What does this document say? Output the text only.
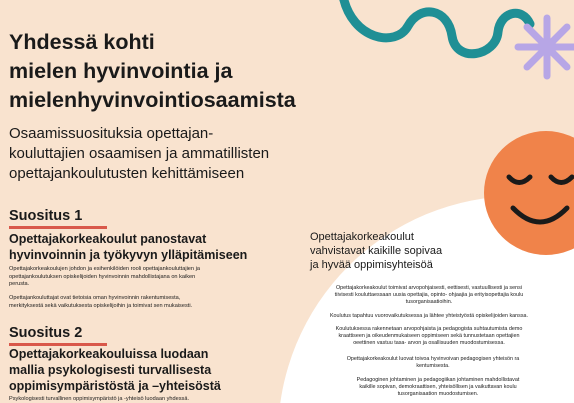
Yhdessä kohti
mielen hyvinvointia ja
mielenhyvinvointiosaamista
Osaamissuosituksia opettajan-
kouluttajien osaamisen ja ammatillisten
opettajankoulutusten kehittämiseen
Suositus 1
Opettajakorkeakoulut panostavat
hyvinvoinnin ja työkyvyn ylläpitämiseen
Opettajakorkeakoulujen johdon ja esihenkilöiden rooli opettajankouluttajien ja
opettajankoulutuksen opiskelijoiden hyvinvoinnin mahdollistajana on kaiken
perusta.
Opettajankouluttajat ovat tietoisia oman hyvinvoinnin rakentumisesta,
merkityksestä sekä vaikutuksesta opiskelijoihin ja toimivat sen mukaisesti.
Suositus 2
Opettajakorkeakouluissa luodaan
mallia psykologisesti turvallisesta
oppimisympäristöstä ja –yhteisöstä
Psykologisesti turvallinen oppimisympäristö ja -yhteisö luodaan yhdessä.
Opettajakorkeakoulut
vahvistavat kaikille sopivaa
ja hyvää oppimisyhteisöä
Opettajakorkeakoulut toimivat arvopohjaisesti, eettisesti, vastuullisesti ja sensi
tiivisesti kouluttaessaan uusia opettajia, opinto- ohjaajia ja erityisopettajia koulu
tusorganisaatioihin.
Koulutus tapahtuu vuorovaikutuksessa ja lähtee yhteistyöstä opiskelijoiden kanssa.
Koulutuksessa rakennetaan arvopohjaista ja pedagogista suhtautumista demo
kraattiseen ja oikeudenmukaiseen oppimiseen sekä tunnustetaan opettajien
oeettinen vastuu tasa- arvon ja osallisuuden muodostumisessa.
Opettajakorkeakoulut luovat toivoa hyvinvoivan pedagogisen yhteisön ra
kentumisesta.
Pedagoginen johtaminen ja pedagogiikan johtaminen mahdollistavat
kaikille sopivan, demokraattisen, yhteisöllisen ja vaikuttavan koulu
tusorganisaation muodostumisen.
